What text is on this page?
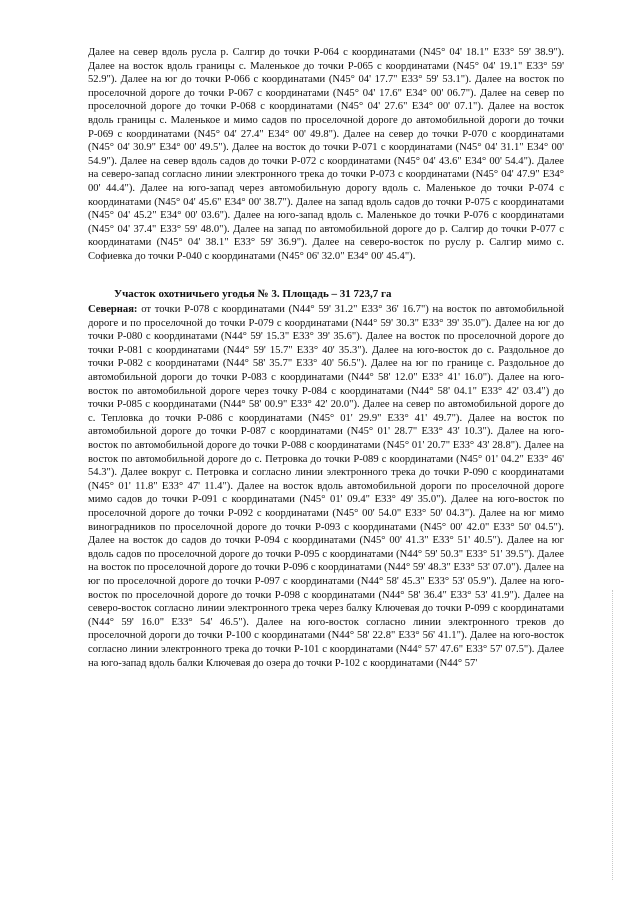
Далее на север вдоль русла р. Салгир до точки Р-064 с координатами (N45° 04' 18.1" E33° 59' 38.9"). Далее на восток вдоль границы с. Маленькое до точки Р-065 с координатами (N45° 04' 19.1" E33° 59' 52.9"). Далее на юг до точки Р-066 с координатами (N45° 04' 17.7" E33° 59' 53.1"). Далее на восток по проселочной дороге до точки Р-067 с координатами (N45° 04' 17.6" E34° 00' 06.7"). Далее на север по проселочной дороге до точки Р-068 с координатами (N45° 04' 27.6" E34° 00' 07.1"). Далее на восток вдоль границы с. Маленькое и мимо садов по проселочной дороге до автомобильной дороги до точки Р-069 с координатами (N45° 04' 27.4" E34° 00' 49.8"). Далее на север до точки Р-070 с координатами (N45° 04' 30.9" E34° 00' 49.5"). Далее на восток до точки Р-071 с координатами (N45° 04' 31.1" E34° 00' 54.9"). Далее на север вдоль садов до точки Р-072 с координатами (N45° 04' 43.6" E34° 00' 54.4"). Далее на северо-запад согласно линии электронного трека до точки Р-073 с координатами (N45° 04' 47.9" E34° 00' 44.4"). Далее на юго-запад через автомобильную дорогу вдоль с. Маленькое до точки Р-074 с координатами (N45° 04' 45.6" E34° 00' 38.7"). Далее на запад вдоль садов до точки Р-075 с координатами (N45° 04' 45.2" E34° 00' 03.6"). Далее на юго-запад вдоль с. Маленькое до точки Р-076 с координатами (N45° 04' 37.4" E33° 59' 48.0"). Далее на запад по автомобильной дороге до р. Салгир до точки Р-077 с координатами (N45° 04' 38.1" E33° 59' 36.9"). Далее на северо-восток по руслу р. Салгир мимо с. Софиевка до точки Р-040 с координатами (N45° 06' 32.0" E34° 00' 45.4").

Участок охотничьего угодья № 3. Площадь – 31 723,7 га

Северная: от точки Р-078 с координатами (N44° 59' 31.2" E33° 36' 16.7") на восток по автомобильной дороге и по проселочной до точки Р-079 с координатами (N44° 59' 30.3" E33° 39' 35.0"). Далее на юг до точки Р-080 с координатами (N44° 59' 15.3" E33° 39' 35.6"). Далее на восток по проселочной дороге до точки Р-081 с координатами (N44° 59' 15.7" E33° 40' 35.3"). Далее на юго-восток до с. Раздольное до точки Р-082 с координатами (N44° 58' 35.7" E33° 40' 56.5"). Далее на юг по границе с. Раздольное до автомобильной дороги до точки Р-083 с координатами (N44° 58' 12.0" E33° 41' 16.0"). Далее на юго-восток по автомобильной дороге через точку Р-084 с координатами (N44° 58' 04.1" E33° 42' 03.4") до точки Р-085 с координатами (N44° 58' 00.9" E33° 42' 20.0"). Далее на север по автомобильной дороге до с. Тепловка до точки Р-086 с координатами (N45° 01' 29.9" E33° 41' 49.7"). Далее на восток по автомобильной дороге до точки Р-087 с координатами (N45° 01' 28.7" E33° 43' 10.3"). Далее на юго-восток по автомобильной дороге до точки Р-088 с координатами (N45° 01' 20.7" E33° 43' 28.8"). Далее на восток по автомобильной дороге до с. Петровка до точки Р-089 с координатами (N45° 01' 04.2" E33° 46' 54.3"). Далее вокруг с. Петровка и согласно линии электронного трека до точки Р-090 с координатами (N45° 01' 11.8" E33° 47' 11.4"). Далее на восток вдоль автомобильной дороги по проселочной дороге мимо садов до точки Р-091 с координатами (N45° 01' 09.4" E33° 49' 35.0"). Далее на юго-восток по проселочной дороге до точки Р-092 с координатами (N45° 00' 54.0" E33° 50' 04.3"). Далее на юг мимо виноградников по проселочной дороге до точки Р-093 с координатами (N45° 00' 42.0" E33° 50' 04.5"). Далее на восток до садов до точки Р-094 с координатами (N45° 00' 41.3" E33° 51' 40.5"). Далее на юг вдоль садов по проселочной дороге до точки Р-095 с координатами (N44° 59' 50.3" E33° 51' 39.5"). Далее на восток по проселочной дороге до точки Р-096 с координатами (N44° 59' 48.3" E33° 53' 07.0"). Далее на юг по проселочной дороге до точки Р-097 с координатами (N44° 58' 45.3" E33° 53' 05.9"). Далее на юго-восток по проселочной дороге до точки Р-098 с координатами (N44° 58' 36.4" E33° 53' 41.9"). Далее на северо-восток согласно линии электронного трека через балку Ключевая до точки Р-099 с координатами (N44° 59' 16.0" E33° 54' 46.5"). Далее на юго-восток согласно линии электронного треков до проселочной дороги до точки Р-100 с координатами (N44° 58' 22.8" E33° 56' 41.1"). Далее на юго-восток согласно линии электронного трека до точки Р-101 с координатами (N44° 57' 47.6" E33° 57' 07.5"). Далее на юго-запад вдоль балки Ключевая до озера до точки Р-102 с координатами (N44° 57'
